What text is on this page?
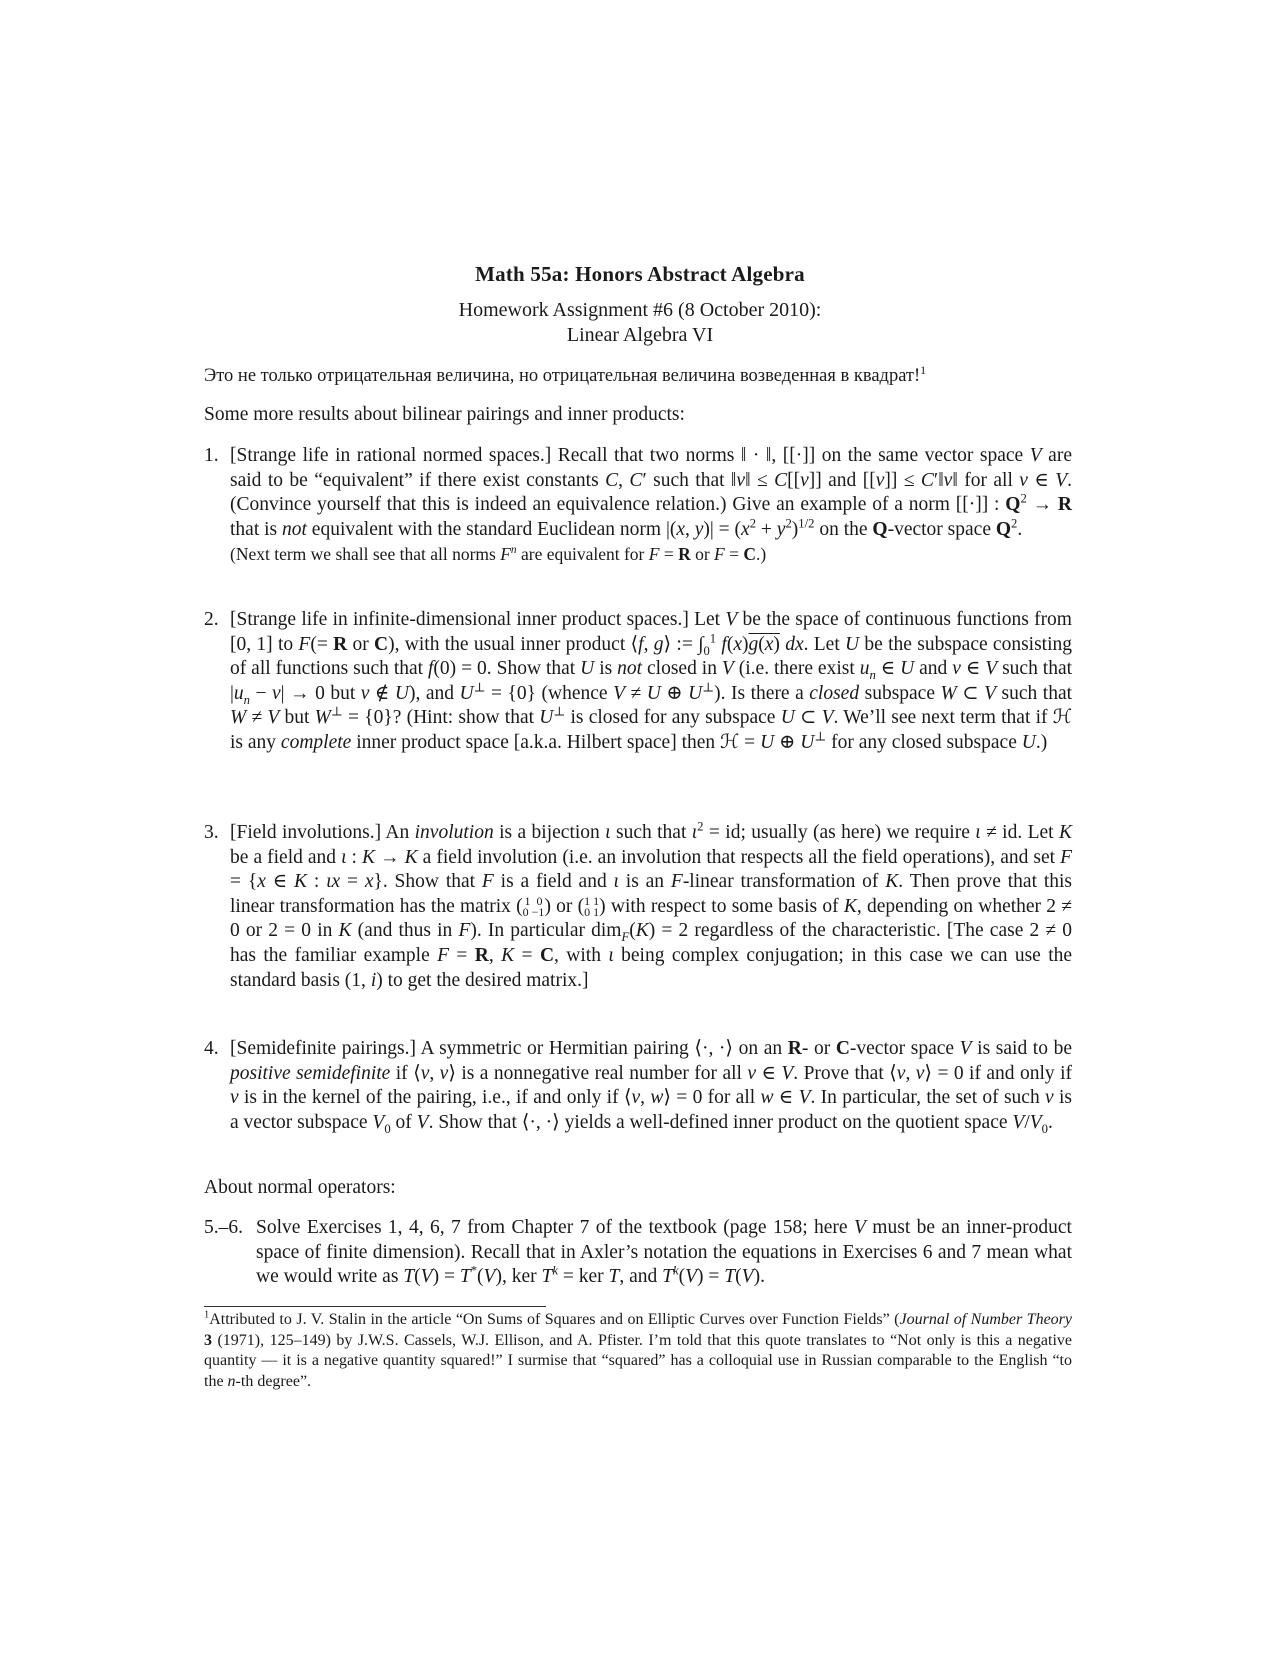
Math 55a: Honors Abstract Algebra
Homework Assignment #6 (8 October 2010):
Linear Algebra VI
Это не только отрицательная величина, но отрицательная величина возведенная в квадрат!$^1$
Some more results about bilinear pairings and inner products:
1. [Strange life in rational normed spaces.] Recall that two norms ‖ · ‖, [[·]] on the same vector space V are said to be “equivalent” if there exist constants C, C′ such that ‖v‖ ≤ C[[v]] and [[v]] ≤ C′‖v‖ for all v ∈ V. (Convince yourself that this is indeed an equivalence relation.) Give an example of a norm [[·]] : $Q^2 \to R$ that is not equivalent with the standard Euclidean norm |(x, $y)| = (x^2 + y^2)^{1/2}$ on the Q-vector space $Q^2$.
(Next term we shall see that all norms $F^n$ are equivalent for F = R or F = C.)
2. [Strange life in infinite-dimensional inner product spaces.] Let V be the space of continuous functions from [0, 1] to F(= R or C), with the usual inner product ⟨f, g⟩ := $\int_0^1$ f(x)g(x) dx. Let U be the subspace consisting of all functions such that f(0) = 0. Show that U is not closed in V (i.e. there exist $u_n$ ∈ U and v ∈ V such that $|u_n - v| \to 0$ but v ∉ U), and U⊥ = {0} (whence V ≠ U ⊕ U⊥). Is there a closed subspace W ⊂ V such that W ≠ V but W⊥ = {0}? (Hint: show that U⊥ is closed for any subspace U ⊂ V. We’ll see next term that if ℋ is any complete inner product space [a.k.a. Hilbert space] then ℋ = U ⊕ U⊥ for any closed subspace U.)
3. [Field involutions.] An involution is a bijection ι such that $\iota^2$ = id; usually (as here) we require ι ≠ id. Let K be a field and ι : K → K a field involution (i.e. an involution that respects all the field operations), and set F = {x ∈ K : ιx = x}. Show that F is a field and ι is an F-linear transformation of K. Then prove that this linear transformation has the matrix ( 1  0
0 −1 ) or ( 1 1
0 1 ) with respect to some basis of K, depending on whether 2 ≠ 0 or 2 = 0 in K (and thus in F). In particular dim$_F$(K) = 2 regardless of the characteristic. [The case 2 ≠ 0 has the familiar example F = R, K = C, with ι being complex conjugation; in this case we can use the standard basis (1, i) to get the desired matrix.]
4. [Semidefinite pairings.] A symmetric or Hermitian pairing ⟨·, ·⟩ on an R- or C-vector space V is said to be positive semidefinite if ⟨v, v⟩ is a nonnegative real number for all v ∈ V. Prove that ⟨v, v⟩ = 0 if and only if v is in the kernel of the pairing, i.e., if and only if ⟨v, w⟩ = 0 for all w ∈ V. In particular, the set of such v is a vector subspace $V_0$ of V. Show that ⟨·, ·⟩ yields a well-defined inner product on the quotient space $V/V_0$.
About normal operators:
5.–6. Solve Exercises 1, 4, 6, 7 from Chapter 7 of the textbook (page 158; here V must be an inner-product space of finite dimension). Recall that in Axler’s notation the equations in Exercises 6 and 7 mean what we would write as T(V) = T*(V), ker $T^k$ = ker T, and $T^k(V) = T(V)$.
$^1$Attributed to J. V. Stalin in the article “On Sums of Squares and on Elliptic Curves over Function Fields” (Journal of Number Theory 3 (1971), 125–149) by J.W.S. Cassels, W.J. Ellison, and A. Pfister. I’m told that this quote translates to “Not only is this a negative quantity — it is a negative quantity squared!” I surmise that “squared” has a colloquial use in Russian comparable to the English “to the n-th degree”.
